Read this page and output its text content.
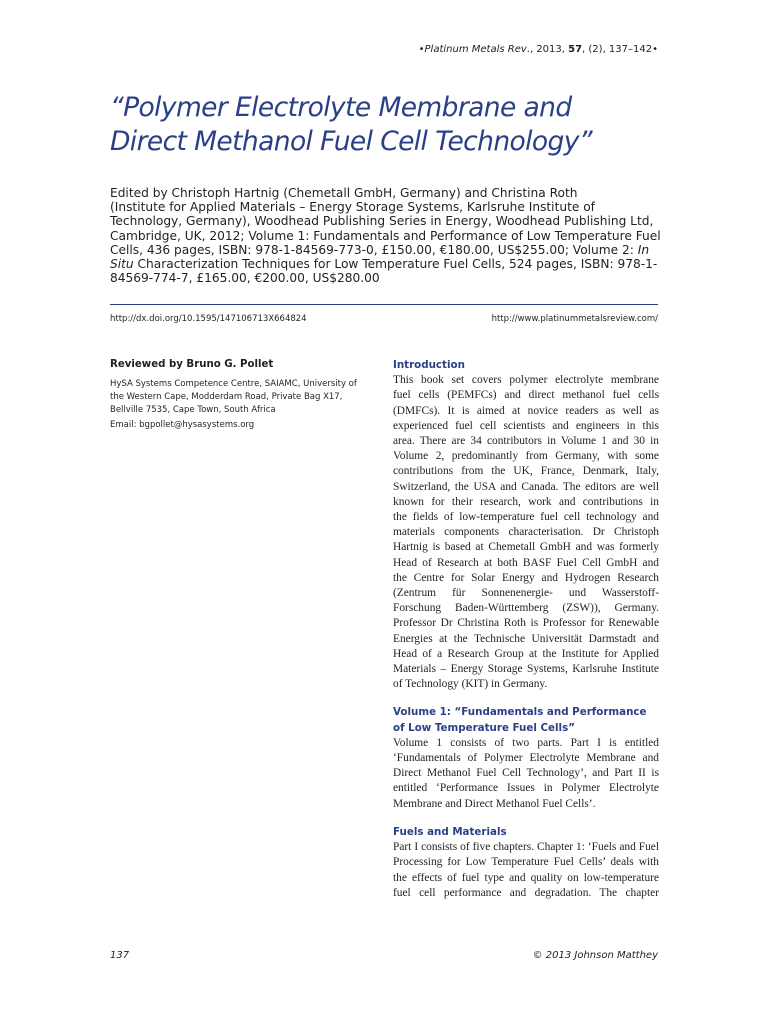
•Platinum Metals Rev., 2013, 57, (2), 137–142•
“Polymer Electrolyte Membrane and
Direct Methanol Fuel Cell Technology”
Edited by Christoph Hartnig (Chemetall GmbH, Germany) and Christina Roth
(Institute for Applied Materials – Energy Storage Systems, Karlsruhe Institute of
Technology, Germany), Woodhead Publishing Series in Energy, Woodhead Publishing Ltd,
Cambridge, UK, 2012; Volume 1: Fundamentals and Performance of Low Temperature Fuel
Cells, 436 pages, ISBN: 978-1-84569-773-0, £150.00, €180.00, US$255.00; Volume 2: In
Situ Characterization Techniques for Low Temperature Fuel Cells, 524 pages, ISBN: 978-1-
84569-774-7, £165.00, €200.00, US$280.00
http://dx.doi.org/10.1595/147106713X664824	http://www.platinummetalsreview.com/
Reviewed by Bruno G. Pollet
HySA Systems Competence Centre, SAIAMC, University of
the Western Cape, Modderdam Road, Private Bag X17,
Bellville 7535, Cape Town, South Africa
Email: bgpollet@hysasystems.org
Introduction
This book set covers polymer electrolyte membrane
fuel cells (PEMFCs) and direct methanol fuel cells
(DMFCs). It is aimed at novice readers as well as
experienced fuel cell scientists and engineers in this
area. There are 34 contributors in Volume 1 and 30 in
Volume 2, predominantly from Germany, with some
contributions from the UK, France, Denmark, Italy,
Switzerland, the USA and Canada. The editors are well
known for their research, work and contributions in
the fields of low-temperature fuel cell technology and
materials components characterisation. Dr Christoph
Hartnig is based at Chemetall GmbH and was formerly
Head of Research at both BASF Fuel Cell GmbH and
the Centre for Solar Energy and Hydrogen Research
(Zentrum für Sonnenenergie- und Wasserstoff-
Forschung Baden-Württemberg (ZSW)), Germany.
Professor Dr Christina Roth is Professor for Renewable
Energies at the Technische Universität Darmstadt and
Head of a Research Group at the Institute for Applied
Materials – Energy Storage Systems, Karlsruhe Institute
of Technology (KIT) in Germany.
Volume 1: “Fundamentals and Performance
of Low Temperature Fuel Cells”
Volume 1 consists of two parts. Part I is entitled
‘Fundamentals of Polymer Electrolyte Membrane and
Direct Methanol Fuel Cell Technology’, and Part II is
entitled ‘Performance Issues in Polymer Electrolyte
Membrane and Direct Methanol Fuel Cells’.
Fuels and Materials
Part I consists of five chapters. Chapter 1: ‘Fuels and Fuel
Processing for Low Temperature Fuel Cells’ deals with
the effects of fuel type and quality on low-temperature
fuel cell performance and degradation. The chapter
137	© 2013 Johnson Matthey
